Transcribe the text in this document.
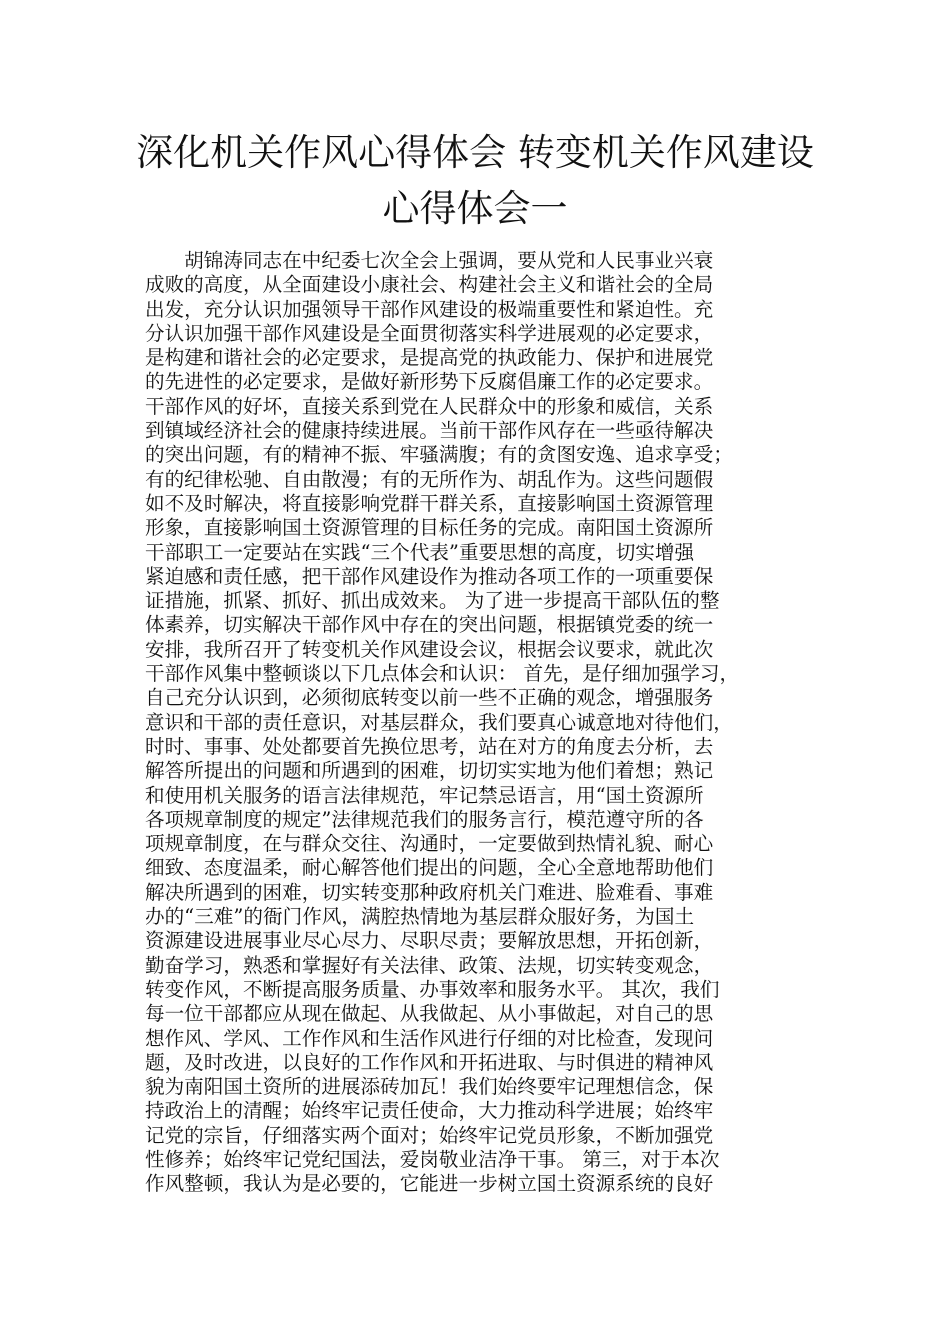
深化机关作风心得体会 转变机关作风建设
心得体会一
　　胡锦涛同志在中纪委七次全会上强调，要从党和人民事业兴衰
成败的高度，从全面建设小康社会、构建社会主义和谐社会的全局
出发，充分认识加强领导干部作风建设的极端重要性和紧迫性。充
分认识加强干部作风建设是全面贯彻落实科学进展观的必定要求，
是构建和谐社会的必定要求，是提高党的执政能力、保护和进展党
的先进性的必定要求，是做好新形势下反腐倡廉工作的必定要求。
干部作风的好坏，直接关系到党在人民群众中的形象和威信，关系
到镇域经济社会的健康持续进展。当前干部作风存在一些亟待解决
的突出问题，有的精神不振、牢骚满腹；有的贪图安逸、追求享受；
有的纪律松驰、自由散漫；有的无所作为、胡乱作为。这些问题假
如不及时解决，将直接影响党群干群关系，直接影响国土资源管理
形象，直接影响国土资源管理的目标任务的完成。南阳国土资源所
干部职工一定要站在实践“三个代表”重要思想的高度，切实增强
紧迫感和责任感，把干部作风建设作为推动各项工作的一项重要保
证措施，抓紧、抓好、抓出成效来。 为了进一步提高干部队伍的整
体素养，切实解决干部作风中存在的突出问题，根据镇党委的统一
安排，我所召开了转变机关作风建设会议，根据会议要求，就此次
干部作风集中整顿谈以下几点体会和认识： 首先，是仔细加强学习，
自己充分认识到，必须彻底转变以前一些不正确的观念，增强服务
意识和干部的责任意识，对基层群众，我们要真心诚意地对待他们，
时时、事事、处处都要首先换位思考，站在对方的角度去分析，去
解答所提出的问题和所遇到的困难，切切实实地为他们着想；熟记
和使用机关服务的语言法律规范，牢记禁忌语言，用“国土资源所
各项规章制度的规定”法律规范我们的服务言行，模范遵守所的各
项规章制度，在与群众交往、沟通时，一定要做到热情礼貌、耐心
细致、态度温柔，耐心解答他们提出的问题，全心全意地帮助他们
解决所遇到的困难，切实转变那种政府机关门难进、脸难看、事难
办的“三难”的衙门作风，满腔热情地为基层群众服好务，为国土
资源建设进展事业尽心尽力、尽职尽责；要解放思想，开拓创新，
勤奋学习，熟悉和掌握好有关法律、政策、法规，切实转变观念，
转变作风，不断提高服务质量、办事效率和服务水平。 其次，我们
每一位干部都应从现在做起、从我做起、从小事做起，对自己的思
想作风、学风、工作作风和生活作风进行仔细的对比检查，发现问
题，及时改进，以良好的工作作风和开拓进取、与时俱进的精神风
貌为南阳国土资所的进展添砖加瓦！我们始终要牢记理想信念，保
持政治上的清醒；始终牢记责任使命，大力推动科学进展；始终牢
记党的宗旨，仔细落实两个面对；始终牢记党员形象，不断加强党
性修养；始终牢记党纪国法，爱岗敬业洁净干事。 第三，对于本次
作风整顿，我认为是必要的，它能进一步树立国土资源系统的良好
